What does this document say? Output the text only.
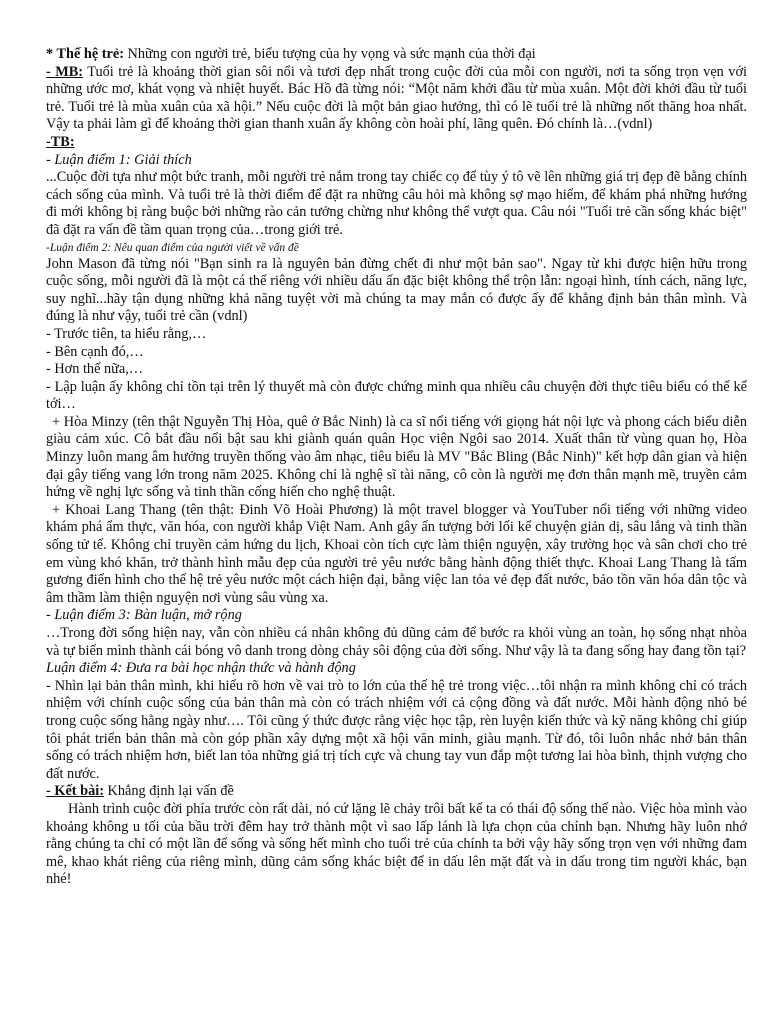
* Thế hệ trẻ: Những con người trẻ, biểu tượng của hy vọng và sức mạnh của thời đại

- MB: Tuổi trẻ là khoảng thời gian sôi nổi và tươi đẹp nhất trong cuộc đời của mỗi con người, nơi ta sống trọn vẹn với những ước mơ, khát vọng và nhiệt huyết. Bác Hồ đã từng nói: “Một năm khởi đầu từ mùa xuân. Một đời khởi đầu từ tuổi trẻ. Tuổi trẻ là mùa xuân của xã hội.” Nếu cuộc đời là một bản giao hưởng, thì có lẽ tuổi trẻ là những nốt thăng hoa nhất. Vậy ta phải làm gì để khoảng thời gian thanh xuân ấy không còn hoài phí, lãng quên. Đó chính là…(vdnl)

-TB:

- Luận điểm 1: Giải thích

...Cuộc đời tựa như một bức tranh, mỗi người trẻ nắm trong tay chiếc cọ để tùy ý tô vẽ lên những giá trị đẹp đẽ bằng chính cách sống của mình. Và tuổi trẻ là thời điểm để đặt ra những câu hỏi mà không sợ mạo hiểm, để khám phá những hướng đi mới không bị ràng buộc bởi những rào cản tưởng chừng như không thể vượt qua. Câu nói "Tuổi trẻ cần sống khác biệt" đã đặt ra vấn đề tầm quan trọng của…trong giới trẻ.

-Luận điểm 2: Nêu quan điểm của người viết về vấn đề

John Mason đã từng nói "Bạn sinh ra là nguyên bản đừng chết đi như một bản sao". Ngay từ khi được hiện hữu trong cuộc sống, mỗi người đã là một cá thể riêng với nhiều dấu ấn đặc biệt không thể trộn lẫn: ngoại hình, tính cách, năng lực, suy nghĩ...hãy tận dụng những khả năng tuyệt vời mà chúng ta may mắn có được ấy để khẳng định bản thân mình. Và đúng là như vậy, tuổi trẻ cần (vdnl)

- Trước tiên, ta hiểu rằng,…

- Bên cạnh đó,…

- Hơn thế nữa,…

- Lập luận ấy không chỉ tồn tại trên lý thuyết mà còn được chứng minh qua nhiều câu chuyện đời thực tiêu biểu có thể kể tới…

+ Hòa Minzy (tên thật Nguyễn Thị Hòa, quê ở Bắc Ninh) là ca sĩ nổi tiếng với giọng hát nội lực và phong cách biểu diễn giàu cảm xúc. Cô bắt đầu nổi bật sau khi giành quán quân Học viện Ngôi sao 2014. Xuất thân từ vùng quan họ, Hòa Minzy luôn mang âm hưởng truyền thống vào âm nhạc, tiêu biểu là MV "Bắc Bling (Bắc Ninh)" kết hợp dân gian và hiện đại gây tiếng vang lớn trong năm 2025. Không chỉ là nghệ sĩ tài năng, cô còn là người mẹ đơn thân mạnh mẽ, truyền cảm hứng về nghị lực sống và tinh thần cống hiến cho nghệ thuật.

+ Khoai Lang Thang (tên thật: Đinh Võ Hoài Phương) là một travel blogger và YouTuber nổi tiếng với những video khám phá ẩm thực, văn hóa, con người khắp Việt Nam. Anh gây ấn tượng bởi lối kể chuyện giản dị, sâu lắng và tinh thần sống tử tế. Không chỉ truyền cảm hứng du lịch, Khoai còn tích cực làm thiện nguyện, xây trường học và sân chơi cho trẻ em vùng khó khăn, trở thành hình mẫu đẹp của người trẻ yêu nước bằng hành động thiết thực. Khoai Lang Thang là tấm gương điển hình cho thế hệ trẻ yêu nước một cách hiện đại, bằng việc lan tỏa vẻ đẹp đất nước, bảo tồn văn hóa dân tộc và âm thầm làm thiện nguyện nơi vùng sâu vùng xa.

- Luận điểm 3: Bàn luận, mở rộng

…Trong đời sống hiện nay, vẫn còn nhiều cá nhân không đủ dũng cảm để bước ra khỏi vùng an toàn, họ sống nhạt nhòa và tự biến mình thành cái bóng vô danh trong dòng chảy sôi động của đời sống. Như vậy là ta đang sống hay đang tồn tại?

Luận điểm 4: Đưa ra bài học nhận thức và hành động

- Nhìn lại bản thân mình, khi hiểu rõ hơn về vai trò to lớn của thế hệ trẻ trong việc…tôi nhận ra mình không chỉ có trách nhiệm với chính cuộc sống của bản thân mà còn có trách nhiệm với cả cộng đồng và đất nước. Mỗi hành động nhỏ bé trong cuộc sống hằng ngày như…. Tôi cũng ý thức được rằng việc học tập, rèn luyện kiến thức và kỹ năng không chỉ giúp tôi phát triển bản thân mà còn góp phần xây dựng một xã hội văn minh, giàu mạnh. Từ đó, tôi luôn nhắc nhở bản thân sống có trách nhiệm hơn, biết lan tỏa những giá trị tích cực và chung tay vun đắp một tương lai hòa bình, thịnh vượng cho đất nước.

- Kết bài: Khẳng định lại vấn đề

Hành trình cuộc đời phía trước còn rất dài, nó cứ lặng lẽ chảy trôi bất kể ta có thái độ sống thế nào. Việc hòa mình vào khoảng không u tối của bầu trời đêm hay trở thành một vì sao lấp lánh là lựa chọn của chính bạn. Nhưng hãy luôn nhớ rằng chúng ta chỉ có một lần để sống và sống hết mình cho tuổi trẻ của chính ta bởi vậy hãy sống trọn vẹn với những đam mê, khao khát riêng của riêng mình, dũng cảm sống khác biệt để in dấu lên mặt đất và in dấu trong tim người khác, bạn nhé!
